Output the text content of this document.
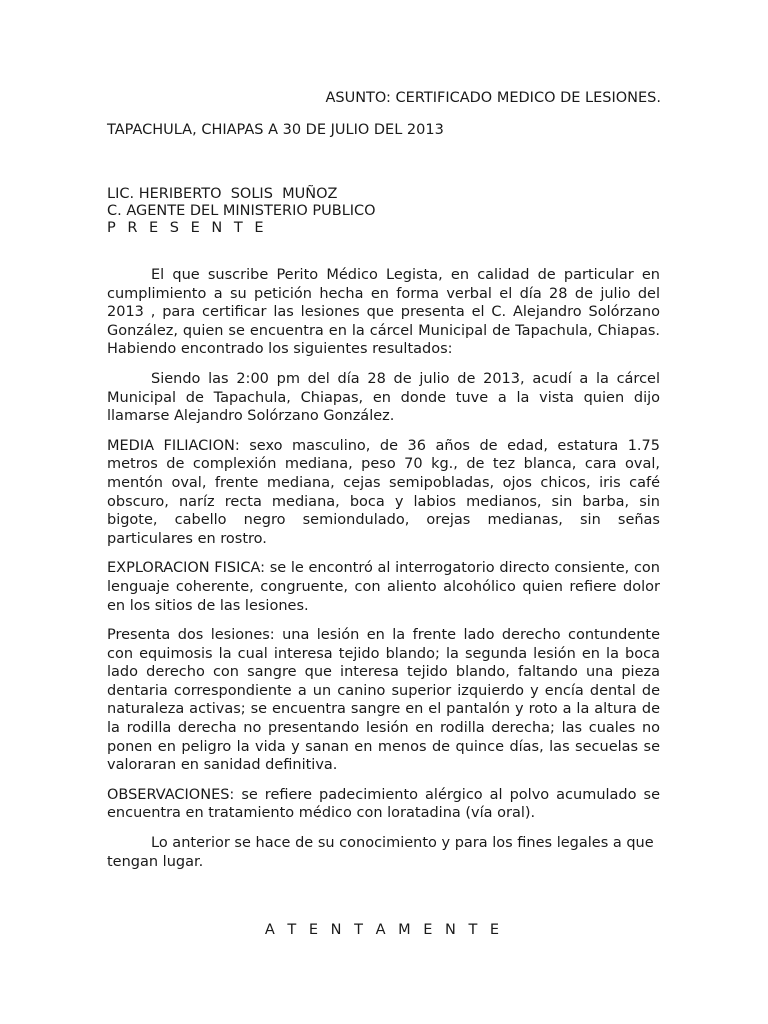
ASUNTO: CERTIFICADO MEDICO DE LESIONES.
TAPACHULA, CHIAPAS A 30 DE JULIO DEL 2013
LIC. HERIBERTO  SOLIS  MUÑOZ
C. AGENTE DEL MINISTERIO PUBLICO
P R E S E N T E

El que suscribe Perito Médico Legista, en calidad de particular en cumplimiento a su petición hecha en forma verbal el día 28 de julio del 2013 , para certificar las lesiones que presenta el C. Alejandro Solórzano González, quien se encuentra en la cárcel Municipal de Tapachula, Chiapas. Habiendo encontrado los siguientes resultados:

Siendo las 2:00 pm del día 28 de julio de 2013, acudí a la cárcel Municipal de Tapachula, Chiapas, en donde tuve a la vista quien dijo llamarse Alejandro Solórzano González.

MEDIA FILIACION: sexo masculino, de 36 años de edad, estatura 1.75 metros de complexión mediana, peso 70 kg., de tez blanca, cara oval, mentón oval, frente mediana, cejas semipobladas, ojos chicos, iris café obscuro, naríz recta mediana, boca y labios medianos, sin barba, sin bigote, cabello negro semiondulado, orejas medianas, sin señas particulares en rostro.

EXPLORACION FISICA: se le encontró al interrogatorio directo consiente, con lenguaje coherente, congruente, con aliento alcohólico quien refiere dolor en los sitios de las lesiones.

Presenta dos lesiones: una lesión en la frente lado derecho contundente con equimosis la cual interesa tejido blando; la segunda lesión en la boca lado derecho con sangre que interesa tejido blando, faltando una pieza dentaria correspondiente a un canino superior izquierdo y encía dental de naturaleza activas; se encuentra sangre en el pantalón y roto a la altura de la rodilla derecha no presentando lesión en rodilla derecha; las cuales no ponen en peligro la vida y sanan en menos de quince días, las secuelas se valoraran en sanidad definitiva.

OBSERVACIONES: se refiere padecimiento alérgico al polvo acumulado se encuentra en tratamiento médico con loratadina (vía oral).

Lo anterior se hace de su conocimiento y para los fines legales a que tengan lugar.

A T E N T A M E N T E
